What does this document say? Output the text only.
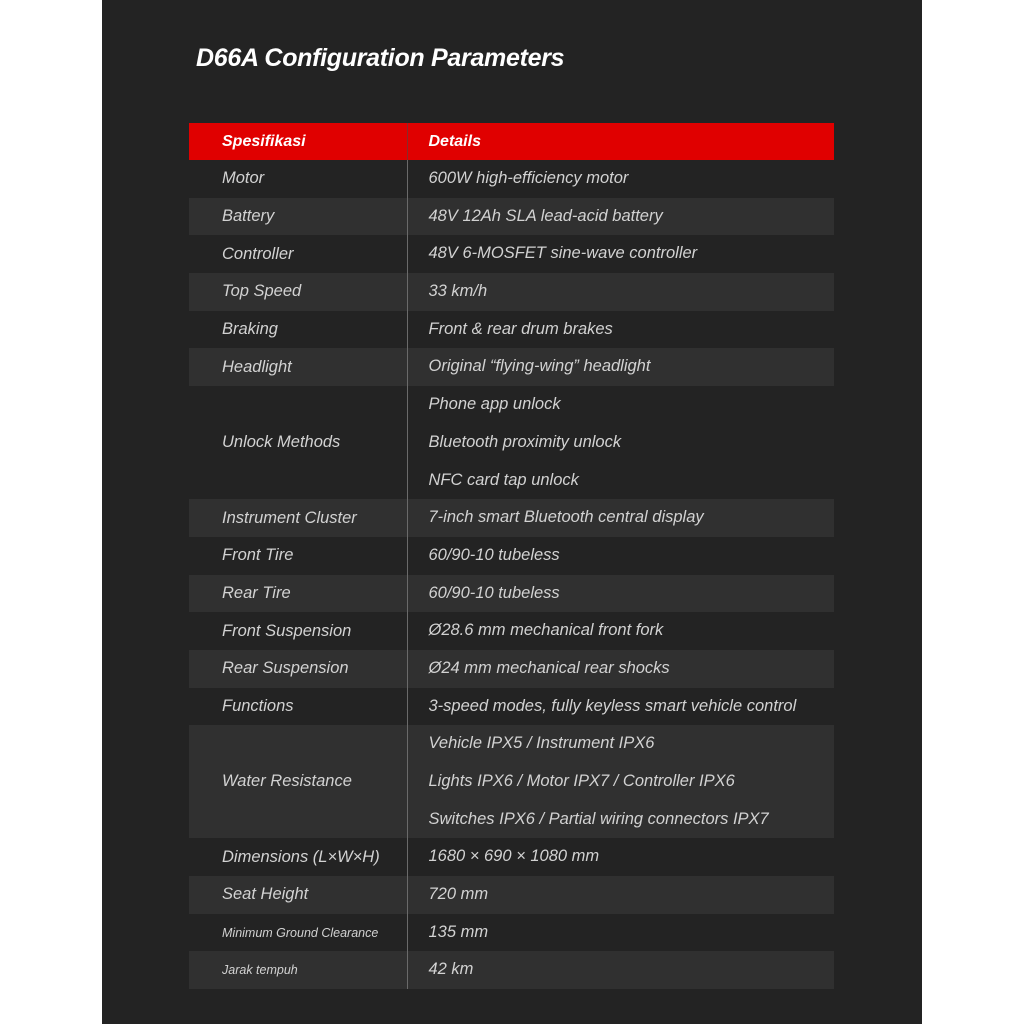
D66A Configuration Parameters
Spesifikasi	Details
Motor	600W high-efficiency motor

Battery	48V 12Ah SLA lead-acid battery

Controller	48V 6-MOSFET sine-wave controller

Top Speed	33 km/h

Braking	Front & rear drum brakes

Headlight	Original “flying-wing” headlight

Unlock Methods	Phone app unlock
Bluetooth proximity unlock
NFC card tap unlock

Instrument Cluster	7-inch smart Bluetooth central display

Front Tire	60/90-10 tubeless

Rear Tire	60/90-10 tubeless

Front Suspension	Ø28.6 mm mechanical front fork

Rear Suspension	Ø24 mm mechanical rear shocks

Functions	3-speed modes, fully keyless smart vehicle control

Water Resistance	Vehicle IPX5 / Instrument IPX6
Lights IPX6 / Motor IPX7 / Controller IPX6
Switches IPX6 / Partial wiring connectors IPX7

Dimensions (L×W×H)	1680 × 690 × 1080 mm

Seat Height	720 mm

Minimum Ground Clearance	135 mm

Jarak tempuh	42 km
